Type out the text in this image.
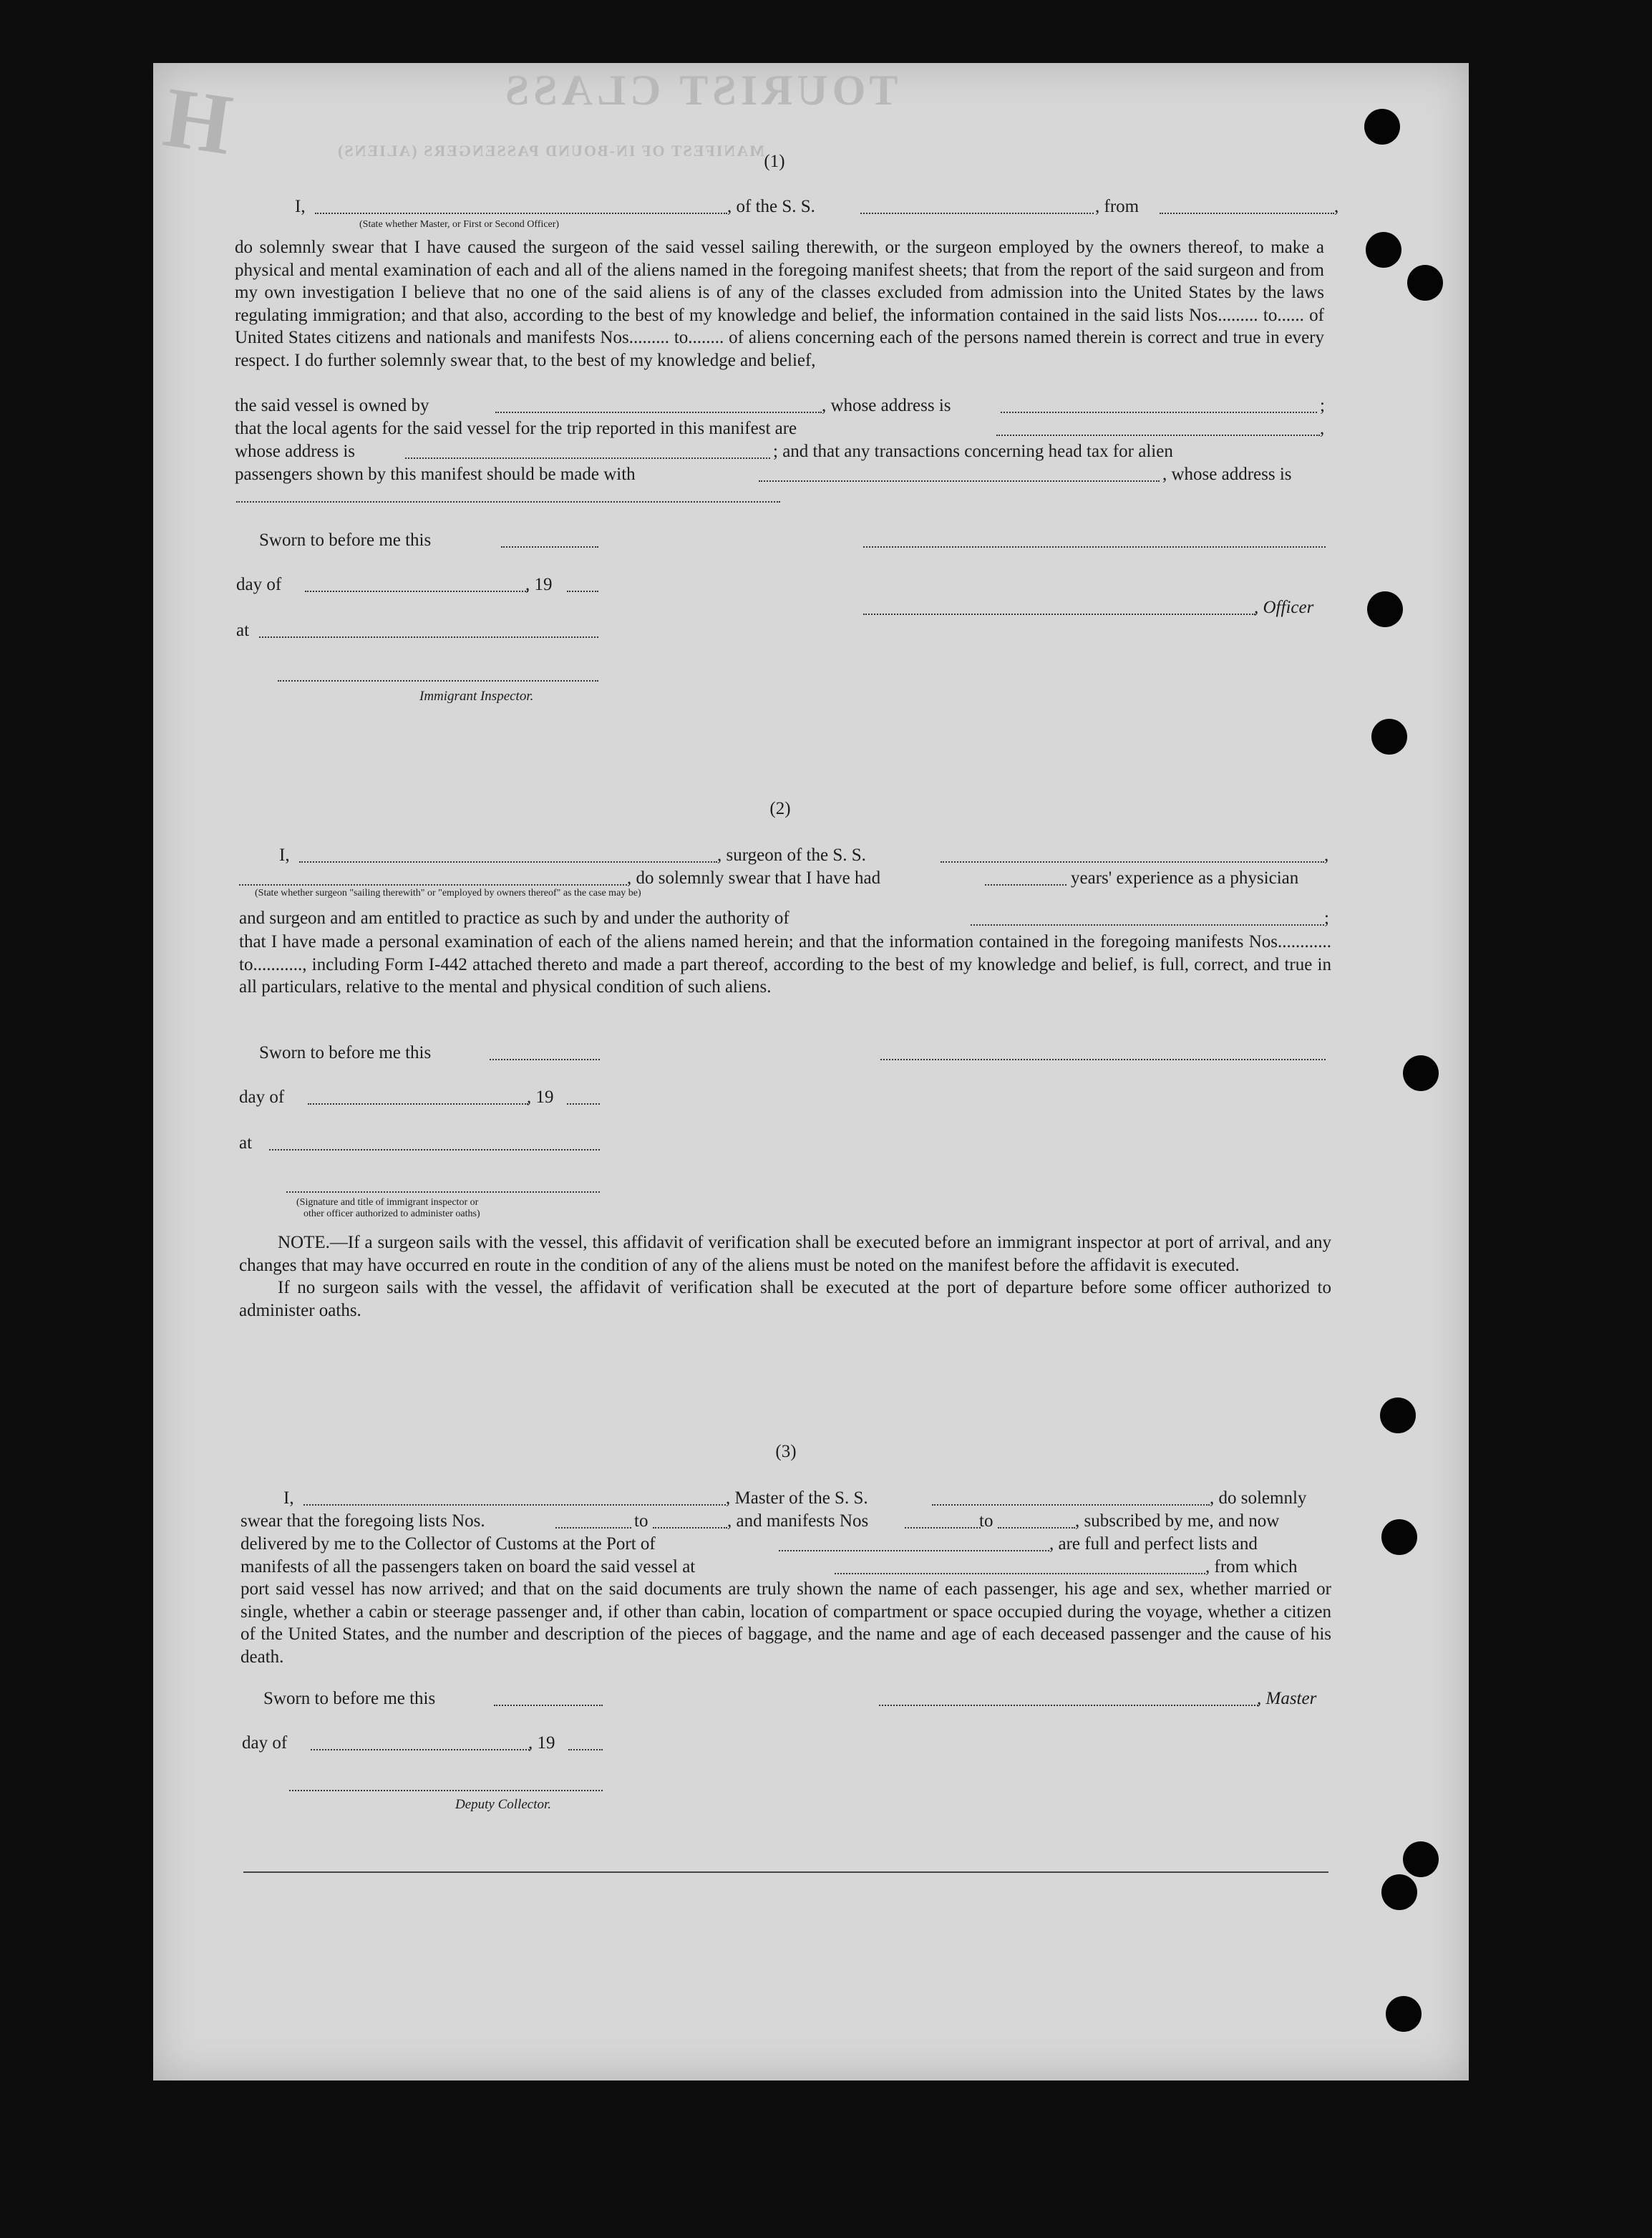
TOURIST CLASS
MANIFEST OF IN-BOUND PASSENGERS (ALIENS)
H	(1)
I,	, of the S. S.	, from	,
(State whether Master, or First or Second Officer)

do solemnly swear that I have caused the surgeon of the said vessel sailing therewith, or the surgeon employed by the owners thereof, to make a physical and mental examination of each and all of the aliens named in the foregoing manifest sheets; that from the report of the said surgeon and from my own investigation I believe that no one of the said aliens is of any of the classes excluded from admission into the United States by the laws regulating immigration; and that also, according to the best of my knowledge and belief, the information contained in the said lists Nos......... to...... of United States citizens and nationals and manifests Nos......... to........ of aliens concerning each of the persons named therein is correct and true in every respect. I do further solemnly swear that, to the best of my knowledge and belief,

the said vessel is owned by	, whose address is	;
that the local agents for the said vessel for the trip reported in this manifest are	,
whose address is	; and that any transactions concerning head tax for alien
passengers shown by this manifest should be made with	, whose address is
Sworn to before me this
day of	, 19
, Officer
at
Immigrant Inspector.
(2)
I,	, surgeon of the S. S.	,
, do solemnly swear that I have had	years' experience as a physician
(State whether surgeon "sailing therewith" or "employed by owners thereof" as the case may be)
and surgeon and am entitled to practice as such by and under the authority of	;

that I have made a personal examination of each of the aliens named herein; and that the information contained in the foregoing manifests Nos............ to..........., including Form I-442 attached thereto and made a part thereof, according to the best of my knowledge and belief, is full, correct, and true in all particulars, relative to the mental and physical condition of such aliens.

Sworn to before me this
day of	, 19
at
(Signature and title of immigrant inspector or
other officer authorized to administer oaths)

NOTE.—If a surgeon sails with the vessel, this affidavit of verification shall be executed before an immigrant inspector at port of arrival, and any changes that may have occurred en route in the condition of any of the aliens must be noted on the manifest before the affidavit is executed.

If no surgeon sails with the vessel, the affidavit of verification shall be executed at the port of departure before some officer authorized to administer oaths.

(3)
I,	, Master of the S. S.	, do solemnly
swear that the foregoing lists Nos.	to	, and manifests Nos	to	, subscribed by me, and now
delivered by me to the Collector of Customs at the Port of	, are full and perfect lists and
manifests of all the passengers taken on board the said vessel at	, from which

port said vessel has now arrived; and that on the said documents are truly shown the name of each passenger, his age and sex, whether married or single, whether a cabin or steerage passenger and, if other than cabin, location of compartment or space occupied during the voyage, whether a citizen of the United States, and the number and description of the pieces of baggage, and the name and age of each deceased passenger and the cause of his death.

Sworn to before me this	, Master
day of	, 19
Deputy Collector.
